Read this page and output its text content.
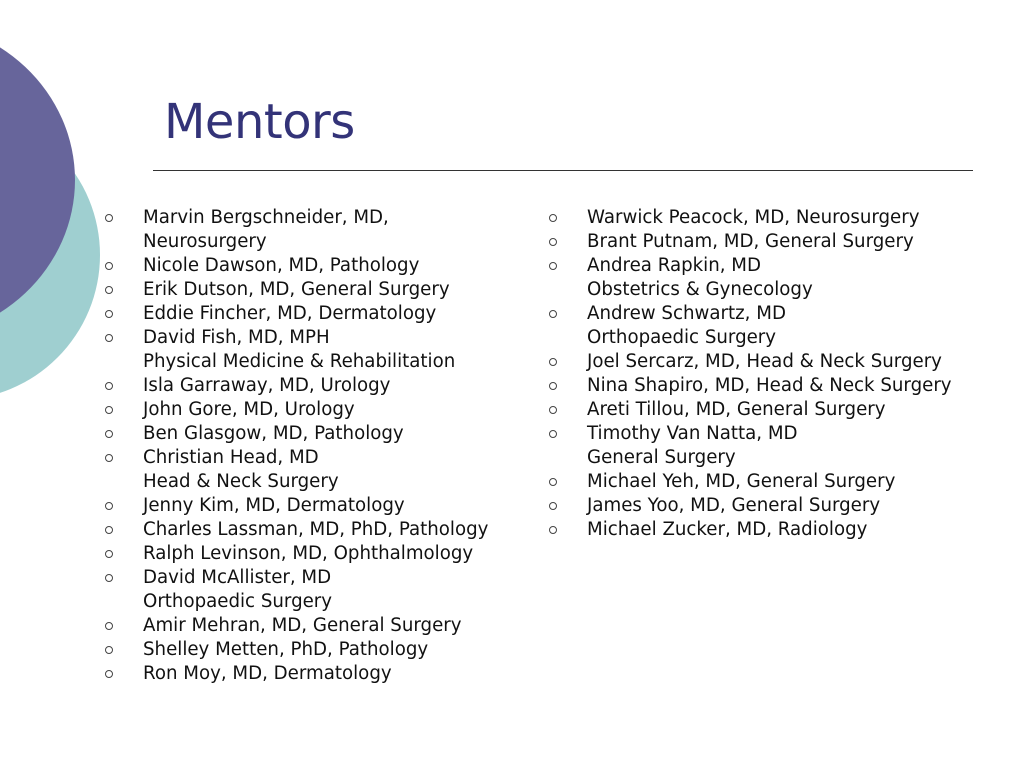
Mentors
Marvin Bergschneider, MD,
Neurosurgery
Nicole Dawson, MD, Pathology
Erik Dutson, MD, General Surgery
Eddie Fincher, MD, Dermatology
David Fish, MD, MPH
Physical Medicine & Rehabilitation
Isla Garraway, MD, Urology
John Gore, MD, Urology
Ben Glasgow, MD, Pathology
Christian Head, MD
Head & Neck Surgery
Jenny Kim, MD, Dermatology
Charles Lassman, MD, PhD, Pathology
Ralph Levinson, MD, Ophthalmology
David McAllister, MD
Orthopaedic Surgery
Amir Mehran, MD, General Surgery
Shelley Metten, PhD, Pathology
Ron Moy, MD, Dermatology
Warwick Peacock, MD, Neurosurgery
Brant Putnam, MD, General Surgery
Andrea Rapkin, MD
Obstetrics & Gynecology
Andrew Schwartz, MD
Orthopaedic Surgery
Joel Sercarz, MD, Head & Neck Surgery
Nina Shapiro, MD, Head & Neck Surgery
Areti Tillou, MD, General Surgery
Timothy Van Natta, MD
General Surgery
Michael Yeh, MD, General Surgery
James Yoo, MD, General Surgery
Michael Zucker, MD, Radiology
